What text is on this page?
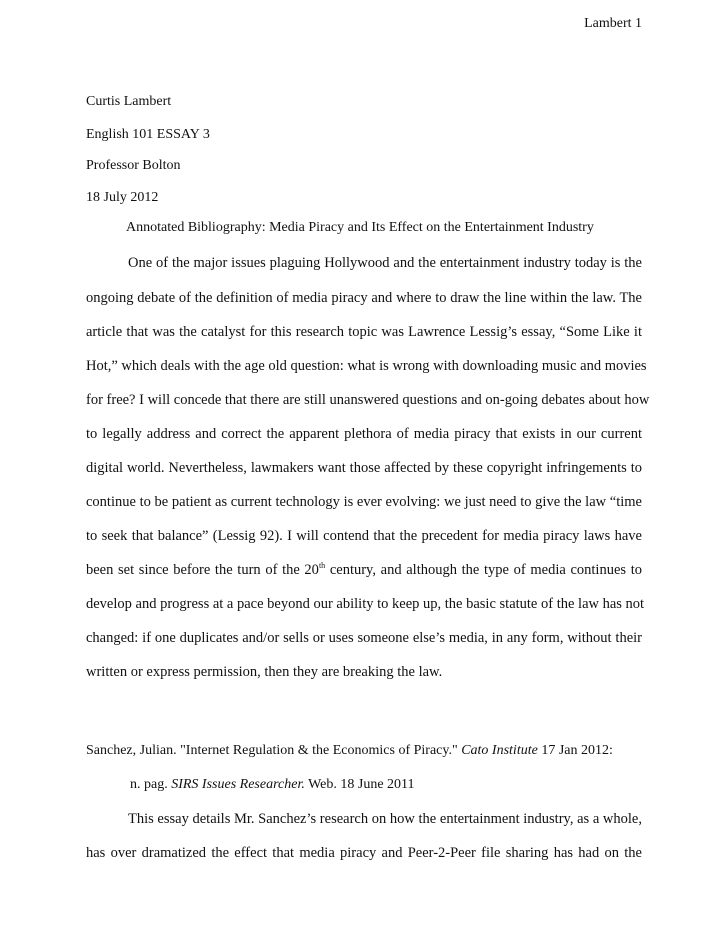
Lambert 1
Curtis Lambert
English 101 ESSAY 3
Professor Bolton
18 July 2012
Annotated Bibliography: Media Piracy and Its Effect on the Entertainment Industry
One of the major issues plaguing Hollywood and the entertainment industry today is the
ongoing debate of the definition of media piracy and where to draw the line within the law. The
article that was the catalyst for this research topic was Lawrence Lessig’s essay, “Some Like it
Hot,” which deals with the age old question: what is wrong with downloading music and movies
for free? I will concede that there are still unanswered questions and on-going debates about how
to legally address and correct the apparent plethora of media piracy that exists in our current
digital world. Nevertheless, lawmakers want those affected by these copyright infringements to
continue to be patient as current technology is ever evolving: we just need to give the law “time
to seek that balance” (Lessig 92). I will contend that the precedent for media piracy laws have
been set since before the turn of the 20th century, and although the type of media continues to
develop and progress at a pace beyond our ability to keep up, the basic statute of the law has not
changed: if one duplicates and/or sells or uses someone else’s media, in any form, without their
written or express permission, then they are breaking the law.
Sanchez, Julian. "Internet Regulation & the Economics of Piracy." Cato Institute 17 Jan 2012:
n. pag. SIRS Issues Researcher. Web. 18 June 2011
This essay details Mr. Sanchez’s research on how the entertainment industry, as a whole,
has over dramatized the effect that media piracy and Peer-2-Peer file sharing has had on the
